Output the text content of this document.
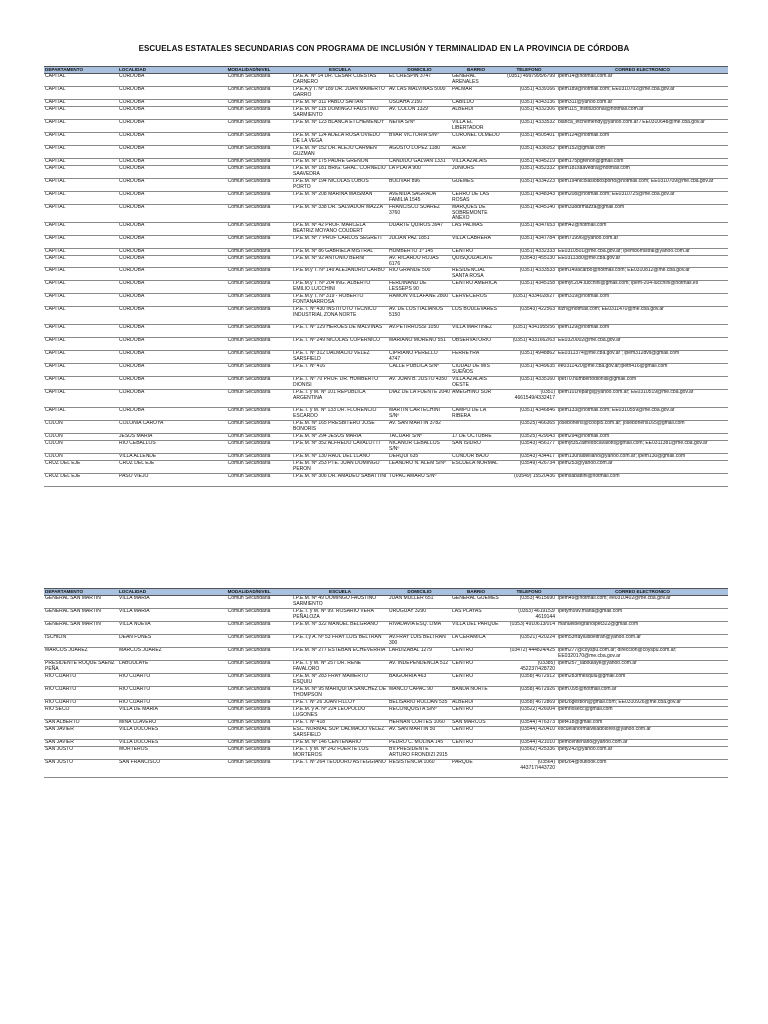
ESCUELAS ESTATALES SECUNDARIAS CON PROGRAMA DE INCLUSIÓN Y TERMINALIDAD EN LA PROVINCIA DE CÓRDOBA
DEPARTAMENTO	LOCALIDAD	MODALIDAD/NIVEL	ESCUELA	DOMICILIO	BARRIO	TELEFONO	CORREO ELECTRONICO
CAPITAL	CORDOBA	Común Secundaria	I.P.E.A. Nº 14 DR. CESAR CUESTAS CARNERO	EL CRESPIN 3747	GENERAL ARENALES	(0351) 4997995/6799	ipem14@hotmail.com.ar
CAPITAL	CORDOBA	Común Secundaria	I.P.E.A.y T. Nº 189 DR. JUAN MAMERTO GARRO	Av. LAS MALVINAS 5000	PALMAR	(0351) 4339166	ipem189@hotmail.com; EE0310702@me.cba.gov.ar
CAPITAL	CORDOBA	Común Secundaria	I.P.E.M. Nº 311 PABLO SAITAN	USUAHA 2150	CABILDO	(0351) 4343136	ipem311@yahoo.com.ar
CAPITAL	CORDOBA	Común Secundaria	I.P.E.M. Nº 115 DOMINGO FAUSTINO SARMIENTO	AV. COLON 1329	ALBERDI	(0351) 4332306	ipem115_institucional@hotmail.com.ar
CAPITAL	CORDOBA	Común Secundaria	I.P.E.M. Nº 123 BLANCA ETCHEMENDY	NEIVA S/Nº	VILLA EL LIBERTADOR	(0351) 4333532	blanca_etchemendy@yahoo.com.ar / EE0310648@me.cba.gov.ar
CAPITAL	CORDOBA	Común Secundaria	I.P.E.M. Nº 124 ADELA ROSA OVIEDO DE LA VEGA	BVAR VICTORIA S/Nº	CORONEL OLMEDO	(0351) 4505401	ipem124@hotmail.com
CAPITAL	CORDOBA	Común Secundaria	I.P.E.M. Nº 152 DR. ALEJO CARMEN GUZMAN	AGUSTO LOPEZ 1180	ALEM	(0351) 4336052	ipem152@gmail.com
CAPITAL	CORDOBA	Común Secundaria	I.P.E.M. Nº 175 PADRE GRENON	CANDIDO GALVAN 1331	VILLA AZALAIS	(0351) 4345219	ipem175pgrenon@gmail.com
CAPITAL	CORDOBA	Común Secundaria	I.P.E.M. Nº 181 BRIG. GRAL. CORNELIO SAAVEDRA	LA PLATA 900	JUNIORS	(0351) 4352332	ipem181saavedra@hotmail.com
CAPITAL	CORDOBA	Común Secundaria	I.P.E.M. Nº 194 NICOLAS LOBOS PORTO	BOLIVAR 896	GUEMES	(0351) 4334223	ipem194nicolaslobosporto@hotmail.com; EE0310709@me.cba.gov.ar
CAPITAL	CORDOBA	Común Secundaria	I.P.E.M. Nº 208 MARINA WAISMAN	AVENIDA SAGRADA FAMILIA 1545	CERRO DE LAS ROSAS	(0351) 4348343	ipem208@hotmail.com; EE0310725@me.cba.gov.ar
CAPITAL	CORDOBA	Común Secundaria	I.P.E.M. Nº 338 DR. SALVADOR MAZZA	FRANCISCO SUAREZ 3760	MARQUES DE SOBREMONTE ANEXO	(0351) 4345140	ipem338drmazza@gmail.com
CAPITAL	CORDOBA	Común Secundaria	I.P.E.M. Nº 42 PROF. MARCELA BEATRIZ MOYANO COUDERT	DUARTE QUIROS 3947	LAS PALMAS	(0351) 4347653	ipem42@hotmail.com
CAPITAL	CORDOBA	Común Secundaria	I.P.E.M. Nº 7 PROF CARLOS SEGRETI	JULIAN PAZ 1851	VILLA CABRERA	(0351) 4347784	ipem71996@yahoo.com.ar
CAPITAL	CORDOBA	Común Secundaria	I.P.E.M. Nº 86 GABRIELA MISTRAL	HUMBERTO 1º 145	CENTRO	(0351) 4332333	EE0310501@me.cba.gov.ar; ipem86mistral@yahoo.com.ar
CAPITAL	CORDOBA	Común Secundaria	I.P.E.M. Nº 92 ANTONIO BERNI	AV. RICARDO ROJAS 6176	QUISQUIZACATE	(03543) 455130	EE0311380@me.cba.gov.ar
CAPITAL	CORDOBA	Común Secundaria	I.P.E.M.y T. Nº 149 ALEJANDRO CARBO	RIO GRANDE 500	RESIDENCIAL SANTA ROSA	(0351) 4333533	ipem149acarbo@hotmail.com; EE0310812@me.cba.gov.ar
CAPITAL	CORDOBA	Común Secundaria	I.P.E.M.y T. Nº 204 ING. ALBERTO EMILIO LUCCHINI	FERDINAND DE LESSEPS 90	CENTRO AMERICA	(0351) 4345158	ipemyt.204.lucchini@gmail.com; ipem-204-lucchini@hotmail.es
CAPITAL	CORDOBA	Común Secundaria	I.P.E.M.y T. Nº 319 - ROBERTO FONTANARROSA	RAMON VILLAFAÑE 2800	CERVECEROS	(0351) 4334028/27	ipem319@hotmail.com
CAPITAL	CORDOBA	Común Secundaria	I.P.E.T. Nº 430 INSTITUTO TECNICO INDUSTRIAL ZONA NORTE	AV. DE LOS ITALIANOS 5150	LOS BOULEVARES	(03543) 422563	itizn@hotmail.com; EE0311470@me.cba.gov.ar
CAPITAL	CORDOBA	Común Secundaria	I.P.E.T. Nº 129 HEROES DE MALVINAS	AV.PETIRROSSI 1050	VILLA MARTINEZ	(0351) 4341955/56	ipem129@hotmail.com
CAPITAL	CORDOBA	Común Secundaria	I.P.E.T. Nº 249 NICOLAS COPERNICO	MARIANO MORENO 551	OBSERVATORIO	(0351) 4331662/63	EE0320002@me.cba.gov.ar
CAPITAL	CORDOBA	Común Secundaria	I.P.E.T. Nº 312 DALMACIO VELEZ SARSFIELD	CIPRIANO PERELLO 4747	FERREYRA	(0351) 4948862	EE0311374@me.cba.gov.ar ; ipem312dvs@gmail.com
CAPITAL	CORDOBA	Común Secundaria	I.P.E.T. Nº 416	CALLE PUBLICA S/Nº	CIUDAD DE MIS SUEÑOS	(0351) 4349635	ee0311420@me.cba.gov.ar;ipetn416@gmail.com
CAPITAL	CORDOBA	Común Secundaria	I.P.E.T. Nº 70 PROF. DR. HUMBERTO DIONISI	AV. JUAN B. JUSTO 4350	VILLA AZALAIS OESTE	(0351) 4335160	ipet70.humbertodionisi@gmail.com
CAPITAL	CORDOBA	Común Secundaria	I.P.E.T. y M. Nº 101 REPUBLICA ARGENTINA	DIAZ DE LA FUENTE 2040	AMEGHINO SUR	(0351) 4661549/4332417	ipem101repargi@yahoo.com.ar; EE0310519@me.cba.gov.ar
CAPITAL	CORDOBA	Común Secundaria	I.P.E.T. y M. Nº 133 DR. FLORENCIO ESCARDO	MARTIN CARTECHINI S/Nº	CAMPO DE LA RIBERA	(0351) 4346846	ipem133@hotmail.com; EE0310559@me.cba.gov.ar
COLON	COLONIA CAROYA	Común Secundaria	I.P.E.M. Nº 165 PRESBITERO JOSE BONORIS	AV. SAN MARTIN 3782		(03525) 466365	joseboneris@coopi5.com.ar; joseboneris165@gmail.com
COLON	JESUS MARIA	Común Secundaria	I.P.E.M. Nº 294 JESUS MARIA	TACUARI S/Nº	17 DE OCTUBRE	(03525) 429043	ipem294@hotmail.com
COLON	RIO CEBALLOS	Común Secundaria	I.P.E.M. Nº 352 ALFREDO CAVALOTTI	NICANOR CEBALLOS S/Nº	SAN ISIDRO	(03543) 456177	ipemyt352alfredocavalotti@gmail.com; EE0311381@me.cba.gov.ar
COLON	VILLA ALLENDE	Común Secundaria	I.P.E.M. Nº 130 RAUL DEL LLANO	DERQUI 635	CONDOR BAJO	(03543) 434417	ipem130raldelllano@yahoo.com.ar; ipem130@gmail.com
CRUZ DEL EJE	CRUZ DEL EJE	Común Secundaria	I.P.E.M. Nº 253 PTE. JUAN DOMINGO PERON	LEANDRO N. ALEM S/Nº	ESCUELA NORMAL	(03549) 426734	ipem253@yahoo.com.ar
CRUZ DEL EJE	PASO VIEJO	Común Secundaria	I.P.E.M. Nº 306 DR. AMADEO SABATTINI	TUPAC AMARU S/Nº		(03549) 15520436	ipemsabattini@hotmail.com
DEPARTAMENTO	LOCALIDAD	MODALIDAD/NIVEL	ESCUELA	DOMICILIO	BARRIO	TELEFONO	CORREO ELECTRONICO
GENERAL SAN MARTIN	VILLA MARIA	Común Secundaria	I.P.E.M. Nº 49 DOMINGO FAUSTINO SARMIENTO	JUAN MULLER 651	GENERAL GUEMES	(0353) 4615690	ipem49@hotmail.com; ee0310402@me.cba.gov.ar
GENERAL SAN MARTIN	VILLA MARIA	Común Secundaria	I.P.E.T. y M. Nº 99. ROSARIO VERA PEÑALOZA	URUGUAY 3290	LAS PLAYAS	(0353) 4619153/ 4619144	ipetym99v.maria@gmail.com
GENERAL SAN MARTIN	VILLA NUEVA	Común Secundaria	I.P.E.M. Nº 322 MANUEL BELGRANO	RIVADAVIA ESQ. LIMA	VILLA DEL PARQUE	(0353) 4910613/014	manuelbelgranoipet322@gmail.com
ISCHILIN	DEAN FUNES	Común Secundaria	I.P.E.T.y A. Nº 53 FRAY LUIS BELTRAN	AV.FRAY LUIS BELTRAN 300	LA CERAMICA	(03521) 420224	ipem53frayluisbeltran@yahoo.com.ar
MARCOS JUAREZ	MARCOS JUAREZ	Común Secundaria	I.P.E.M. Nº 277 ESTEBAN ECHEVERRIA	LARDIZABAL 1279	CENTRO	(03472) 444824/425	ipem277@coyspu.com.ar; direccion@coyspu.com.ar; EE0320170@me.cba.gov.ar
PRESIDENTE ROQUE SAENZ PEÑA	LABOULAYE	Común Secundaria	I.P.E.T. y M. Nº 257 DR. RENE FAVALORO	AV. INDEPENDENCIA 512	CENTRO	(03385) 452237/428720	ipem257_laboulaye@yahoo.com.ar
RIO CUARTO	RIO CUARTO	Común Secundaria	I.P.E.M. Nº 283 FRAY MAMERTO ESQUIU	BAIGORRIA 463	CENTRO	(0358) 4672912	ipem283fmesquiu@gmail.com
RIO CUARTO	RIO CUARTO	Común Secundaria	I.P.E.M. Nº 95 MARIQUITA SANCHEZ DE THOMPSON	MANCO CAPAC 90	BANDA NORTE	(0358) 4672926	ipem.095@hotmail.com.ar
RIO CUARTO	RIO CUARTO	Común Secundaria	I.P.E.T. Nº 26 JUAN FILLOY	BELISARIO ROLDAN 535	ALBERDI	(0358) 4672869	ipet26gestion@gmail.com; EE0310926@me.cba.gov.ar
RIO SECO	VILLA DE MARIA	Común Secundaria	I.P.E.M. y A. Nº 224 LEOPOLDO LUGONES	RECONQUISTA S/Nº	CENTRO	(03522) 426004	ipemriosecc@gmail.com
SAN ALBERTO	MINA CLAVERO	Común Secundaria	I.P.E.T. Nº 418	HERNAN CORTES 1060	SAN MARCOS	(03544) 476373	ipet418@gmail.com
SAN JAVIER	VILLA DOLORES	Común Secundaria	ESC. NORMAL SUP. DALMACIO VELEZ SARSFIELD	AV. SAN MARTIN 50	CENTRO	(03544) 420410	escuelanormalvilladolores@yahoo.com.ar
SAN JAVIER	VILLA DOLORES	Común Secundaria	I.P.E.M. Nº 146 CENTENARIO	PEDRO C. MOLINA 145	CENTRO	(03544) 421010	ipemcentenario@yahoo.com.ar
SAN JUSTO	MORTEROS	Común Secundaria	I.P.E.T. y M. Nº 242 FUERTE LOS MORTEROS	BV.PRESIDENTE ARTURO FRONDIZI 2915		(03562) 425336	ipety242@yahoo.com.ar
SAN JUSTO	SAN FRANCISCO	Común Secundaria	I.P.E.T. Nº 264 TEODORO ASTEGGIANO	RESISTENCIA 1060	PARQUE	(03564) 443717/443720	ipet264@outlook.com
